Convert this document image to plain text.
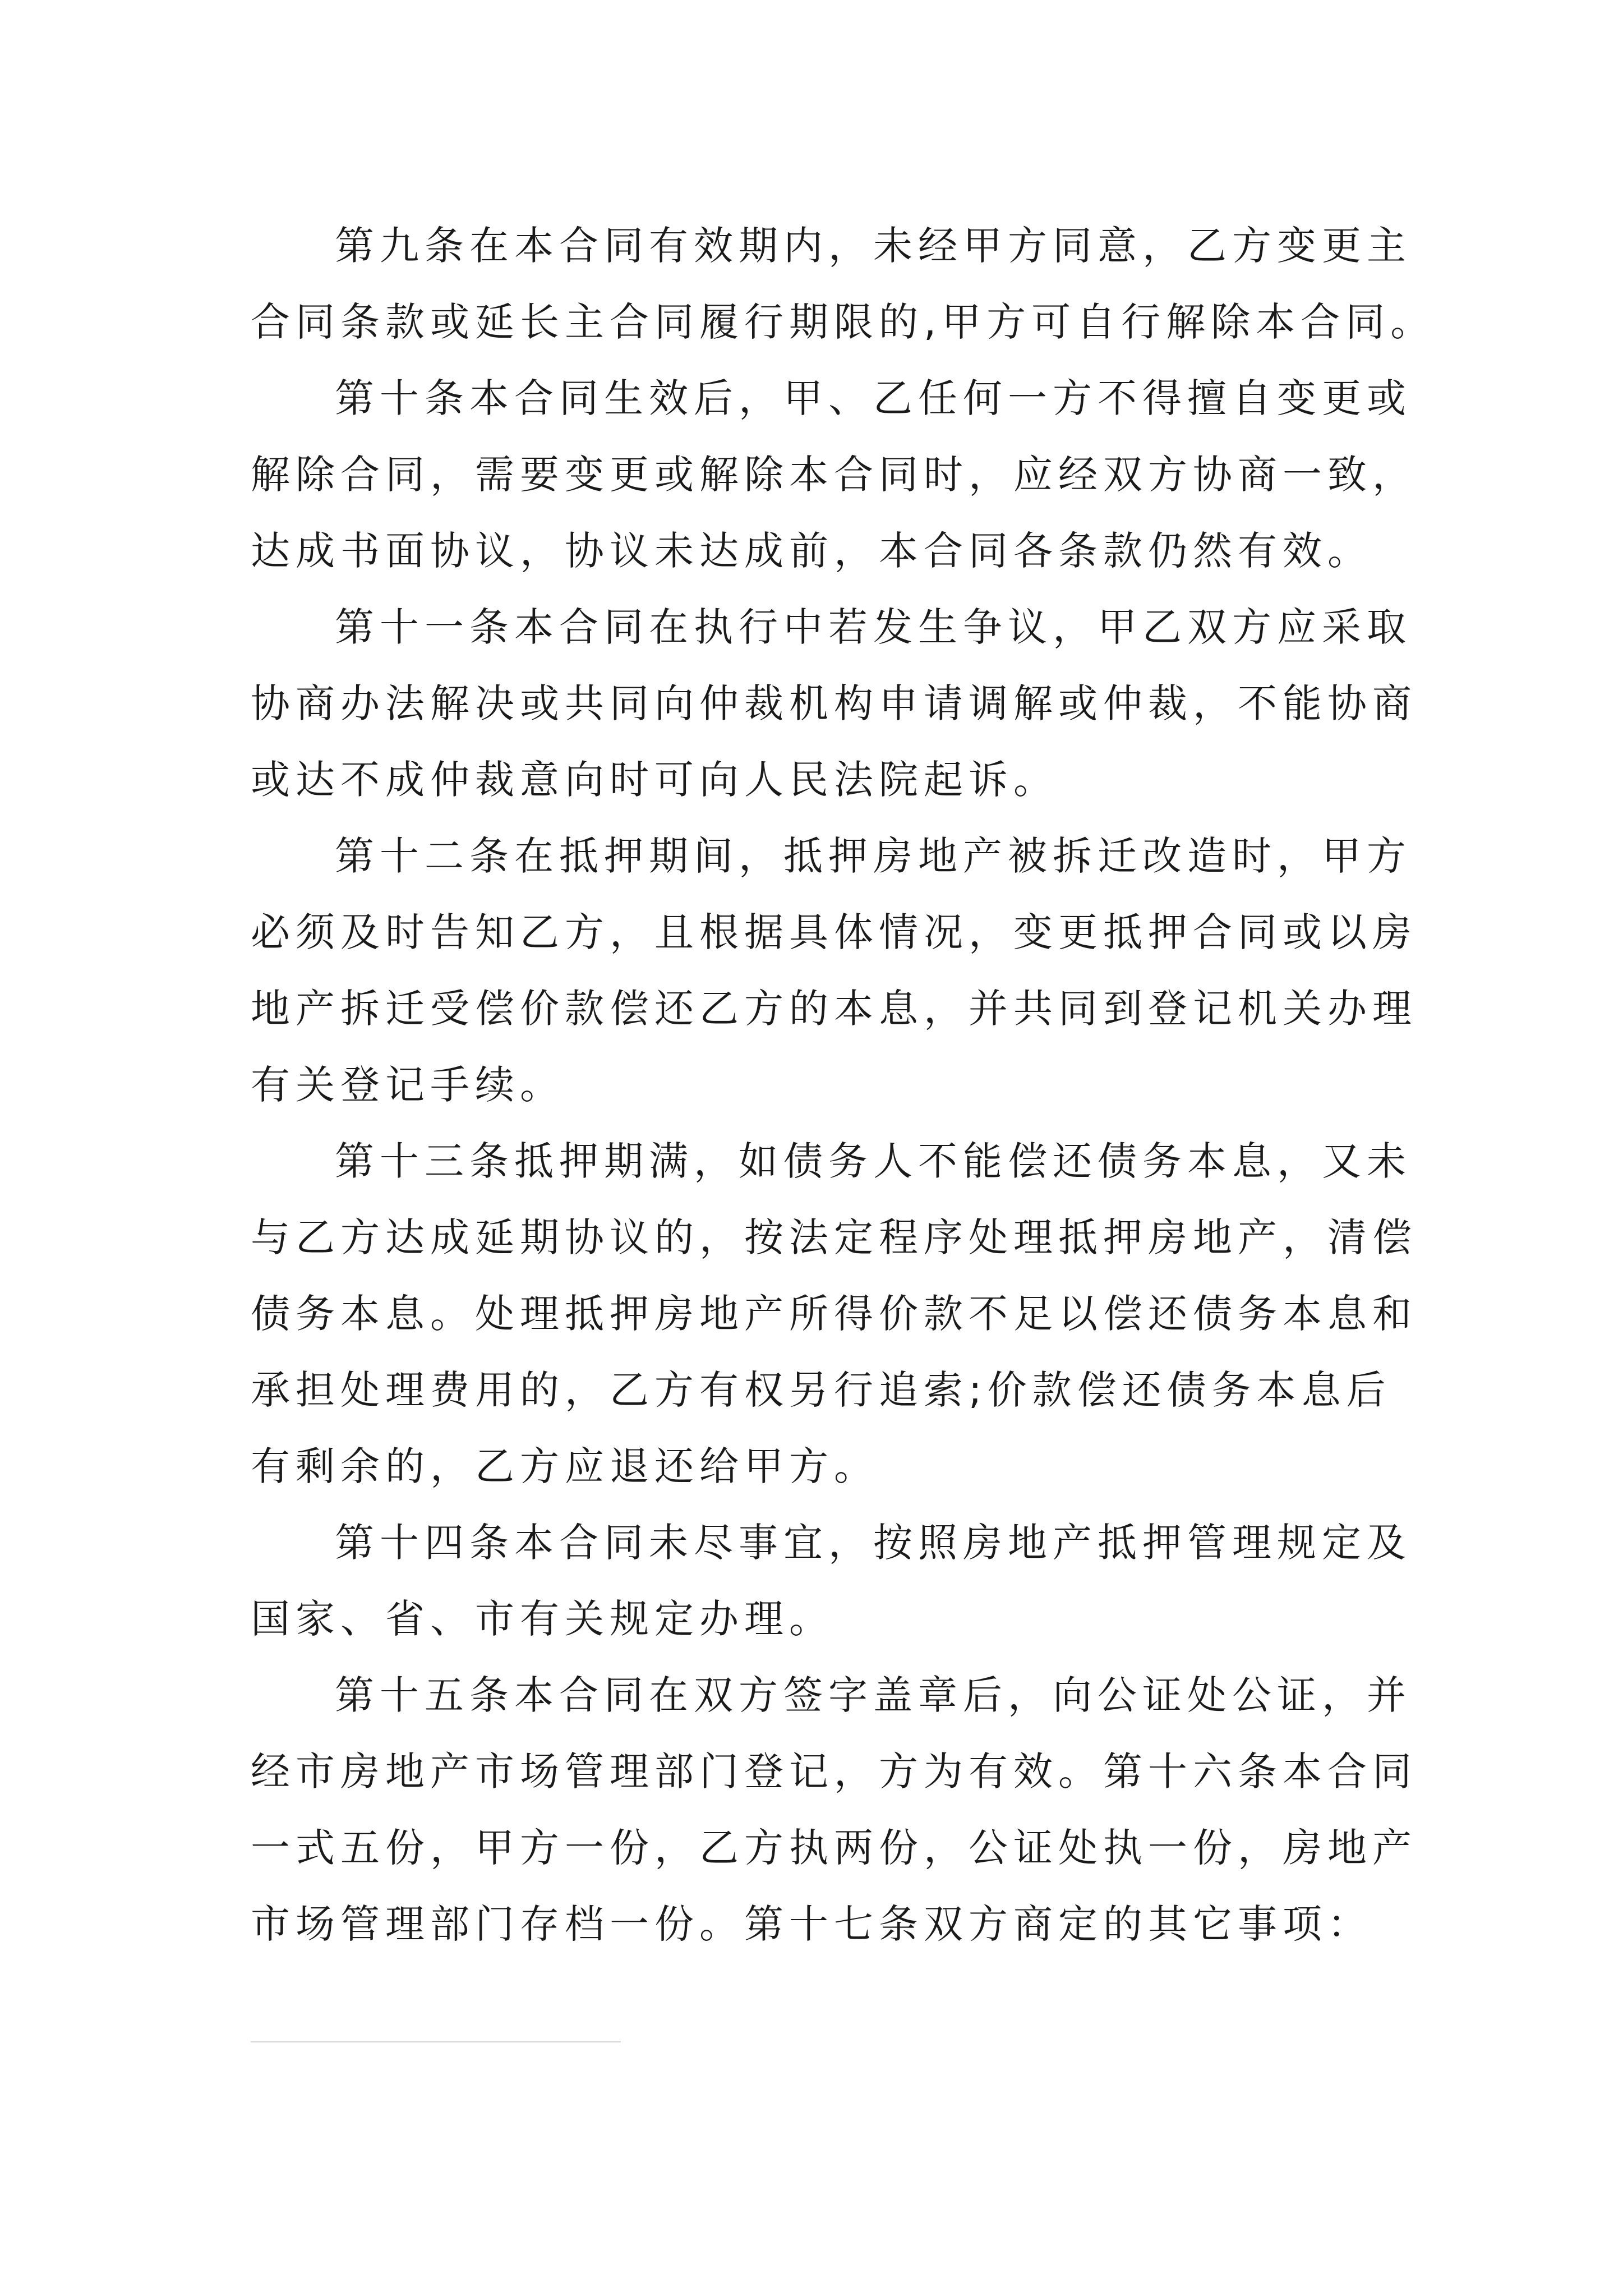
第九条在本合同有效期内，未经甲方同意，乙方变更主
合同条款或延长主合同履行期限的,甲方可自行解除本合同。
第十条本合同生效后，甲、乙任何一方不得擅自变更或
解除合同，需要变更或解除本合同时，应经双方协商一致，
达成书面协议，协议未达成前，本合同各条款仍然有效。
第十一条本合同在执行中若发生争议，甲乙双方应采取
协商办法解决或共同向仲裁机构申请调解或仲裁，不能协商
或达不成仲裁意向时可向人民法院起诉。
第十二条在抵押期间，抵押房地产被拆迁改造时，甲方
必须及时告知乙方，且根据具体情况，变更抵押合同或以房
地产拆迁受偿价款偿还乙方的本息，并共同到登记机关办理
有关登记手续。
第十三条抵押期满，如债务人不能偿还债务本息，又未
与乙方达成延期协议的，按法定程序处理抵押房地产，清偿
债务本息。处理抵押房地产所得价款不足以偿还债务本息和
承担处理费用的，乙方有权另行追索;价款偿还债务本息后
有剩余的，乙方应退还给甲方。
第十四条本合同未尽事宜，按照房地产抵押管理规定及
国家、省、市有关规定办理。
第十五条本合同在双方签字盖章后，向公证处公证，并
经市房地产市场管理部门登记，方为有效。第十六条本合同
一式五份，甲方一份，乙方执两份，公证处执一份，房地产
市场管理部门存档一份。第十七条双方商定的其它事项：
